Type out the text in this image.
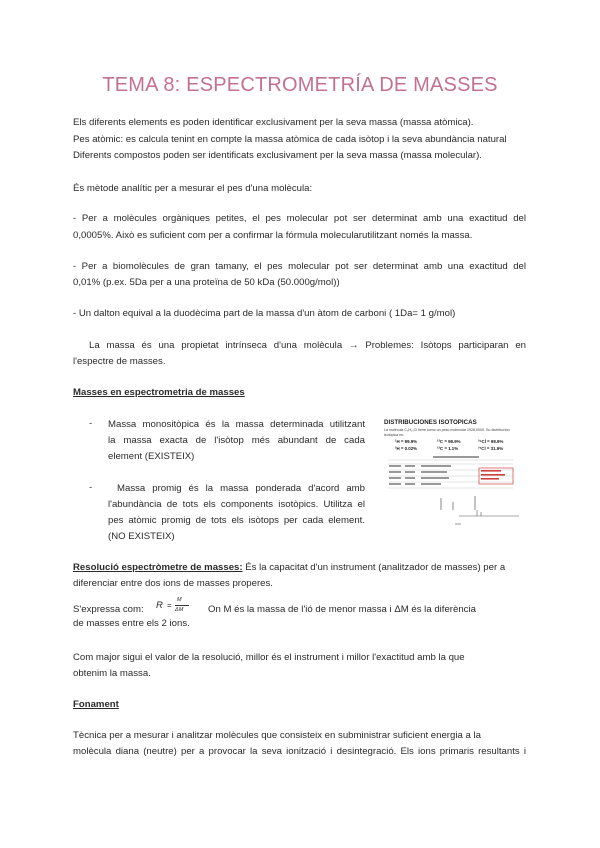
TEMA 8: ESPECTROMETRÍA DE MASSES
Els diferents elements es poden identificar exclusivament per la seva massa (massa atòmica).
Pes atòmic: es calcula tenint en compte la massa atòmica de cada isòtop i la seva abundància natural
Diferents compostos poden ser identificats exclusivament per la seva massa (massa molecular).
És mètode analític per a mesurar el pes d'una molècula:
- Per a molècules orgàniques petites, el pes molecular pot ser determinat amb una exactitud del
0,0005%. Això es suficient com per a confirmar la fórmula molecularutilitzant només la massa.
- Per a biomolècules de gran tamany, el pes molecular pot ser determinat amb una exactitud del
0,01% (p.ex. 5Da per a una proteïna de 50 kDa (50.000g/mol))
- Un dalton equival a la duodècima part de la massa d'un àtom de carboni ( 1Da= 1 g/mol)
La massa és una propietat intrínseca d'una molècula → Problemes: Isòtops participaran en
l'espectre de masses.
Masses en espectrometria de masses
- Massa monositòpica és la massa determinada utilitzant
la massa exacta de l'isòtop més abundant de cada
element (EXISTEIX)
-	Massa promig és la massa ponderada d'acord amb
l'abundància de tots els components isotòpics. Utilitza el
pes atòmic promig de tots els isòtops per cada element.
(NO EXISTEIX)
DISTRIBUCIONES ISOTOPICAS
La molécula C₆H₁₅Cl tiene como un peso molecular 1928,0000. Su distribución isotópica es:
¹H = 99.9%	¹²C = 98.9%	³⁵Cl = 98.9%
²H = 0.02%	¹³C = 1.1%	³⁷Cl = 31.9%
Resolució espectròmetre de masses: És la capacitat d'un instrument (analitzador de masses) per a
diferenciar entre dos ions de masses properes.
S'expressa com: R =
M
ΔM	On M és la massa de l'ió de menor massa i ΔM és la diferència
de masses entre els 2 ions.
Com major sigui el valor de la resolució, millor és el instrument i millor l'exactitud amb la que
obtenim la massa.
Fonament
Tècnica per a mesurar i analitzar molècules que consisteix en subministrar suficient energia a la
molècula diana (neutre) per a provocar la seva ionització i desintegració. Els ions primaris resultants i
